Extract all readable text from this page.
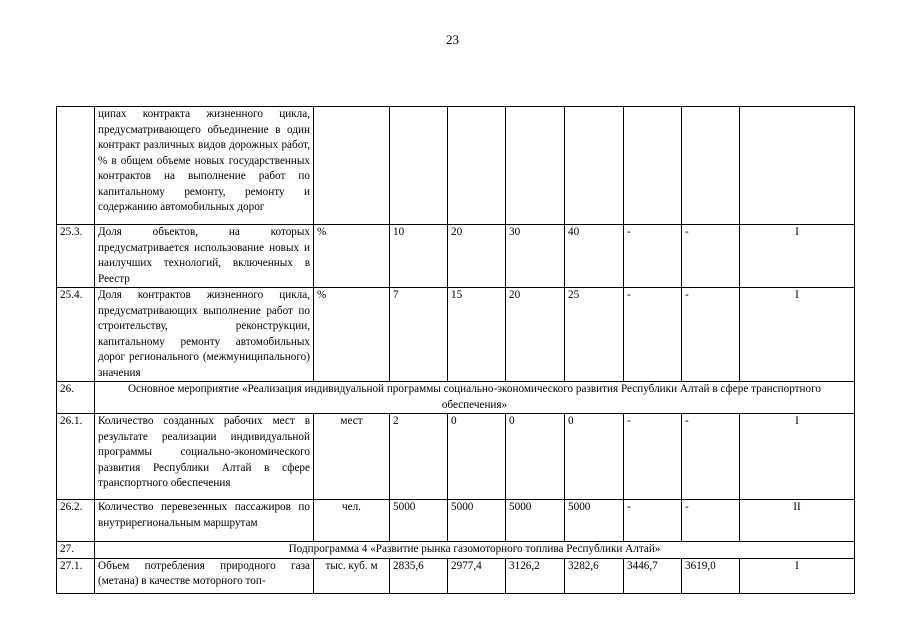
23
	ципах контракта жизненного цикла, предусматривающего объединение в один контракт различных видов дорожных работ, % в общем объеме новых государственных контрактов на выполнение работ по капитальному ремонту, ремонту и содержанию автомобильных дорог								
25.3.	Доля объектов, на которых предусматривается использование новых и наилучших технологий, включенных в Реестр	%	10	20	30	40	-	-	I
25.4.	Доля контрактов жизненного цикла, предусматривающих выполнение работ по строительству, реконструкции, капитальному ремонту автомобильных дорог регионального (межмуниципального) значения	%	7	15	20	25	-	-	I
26.	Основное мероприятие «Реализация индивидуальной программы социально-экономического развития Республики Алтай в сфере транспортного обеспечения»								
26.1.	Количество созданных рабочих мест в результате реализации индивидуальной программы социально-экономического развития Республики Алтай в сфере транспортного обеспечения	мест	2	0	0	0	-	-	I
26.2.	Количество перевезенных пассажиров по внутрирегиональным маршрутам	чел.	5000	5000	5000	5000	-	-	II
27.	Подпрограмма 4 «Развитие рынка газомоторного топлива Республики Алтай»								
27.1.	Объем потребления природного газа (метана) в качестве моторного топ-	тыс. куб. м	2835,6	2977,4	3126,2	3282,6	3446,7	3619,0	I
